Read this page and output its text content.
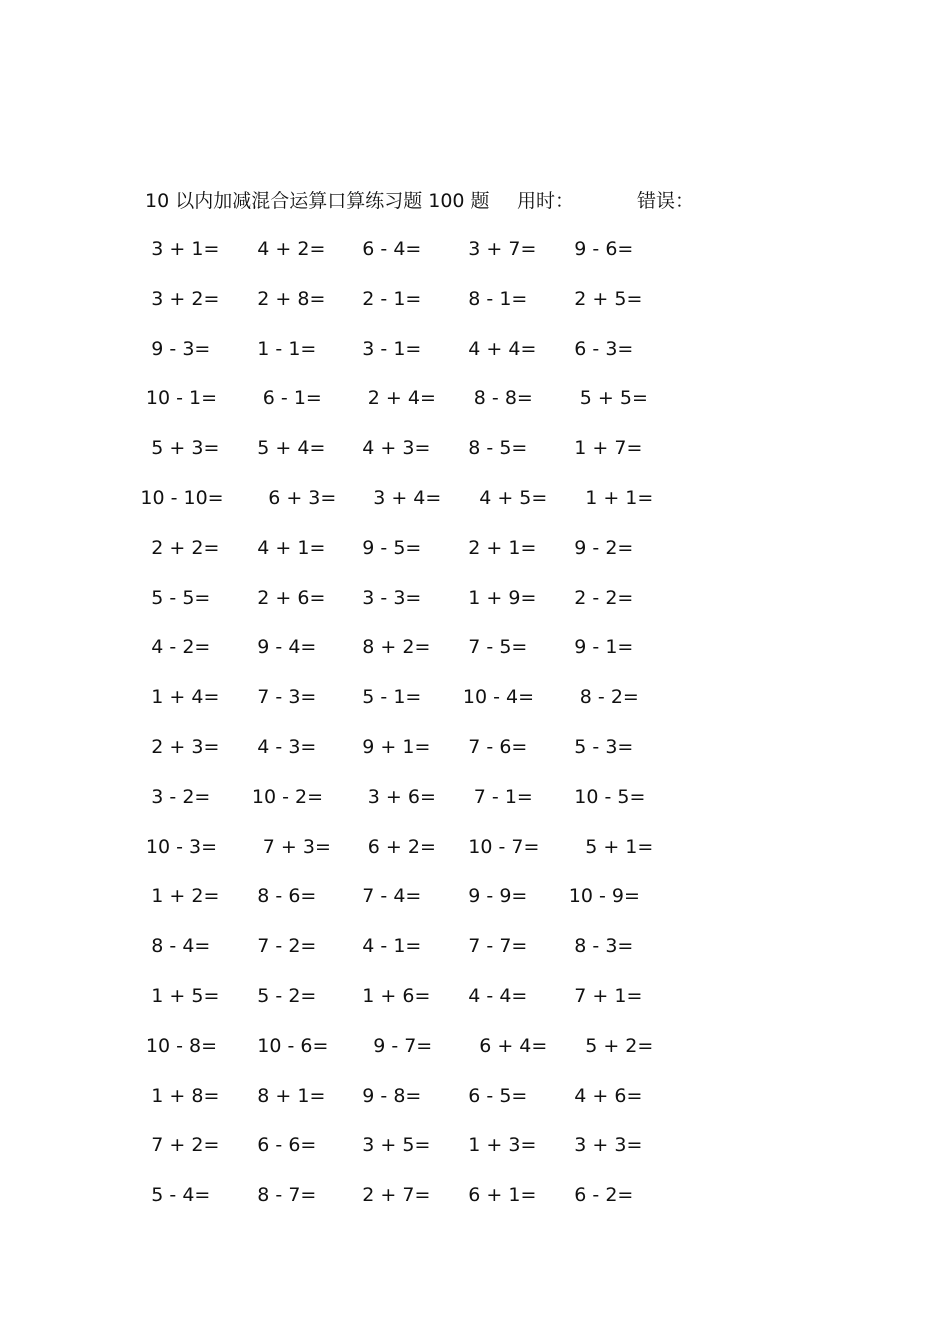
10 以内加减混合运算口算练习题 100 题 用时：	错误：
3 + 1= 4 + 2= 6 - 4= 3 + 7= 9 - 6=
3 + 2= 2 + 8= 2 - 1= 8 - 1= 2 + 5=
9 - 3= 1 - 1= 3 - 1= 4 + 4= 6 - 3=
10 - 1= 6 - 1= 2 + 4= 8 - 8= 5 + 5=
5 + 3= 5 + 4= 4 + 3= 8 - 5= 1 + 7=
10 - 10= 6 + 3= 3 + 4= 4 + 5= 1 + 1=
2 + 2= 4 + 1= 9 - 5= 2 + 1= 9 - 2=
5 - 5= 2 + 6= 3 - 3= 1 + 9= 2 - 2=
4 - 2= 9 - 4= 8 + 2= 7 - 5= 9 - 1=
1 + 4= 7 - 3= 5 - 1= 10 - 4= 8 - 2=
2 + 3= 4 - 3= 9 + 1= 7 - 6= 5 - 3=
3 - 2= 10 - 2= 3 + 6= 7 - 1= 10 - 5=
10 - 3= 7 + 3= 6 + 2= 10 - 7= 5 + 1=
1 + 2= 8 - 6= 7 - 4= 9 - 9= 10 - 9=
8 - 4= 7 - 2= 4 - 1= 7 - 7= 8 - 3=
1 + 5= 5 - 2= 1 + 6= 4 - 4= 7 + 1=
10 - 8= 10 - 6= 9 - 7= 6 + 4= 5 + 2=
1 + 8= 8 + 1= 9 - 8= 6 - 5= 4 + 6=
7 + 2= 6 - 6= 3 + 5= 1 + 3= 3 + 3=
5 - 4= 8 - 7= 2 + 7= 6 + 1= 6 - 2=
